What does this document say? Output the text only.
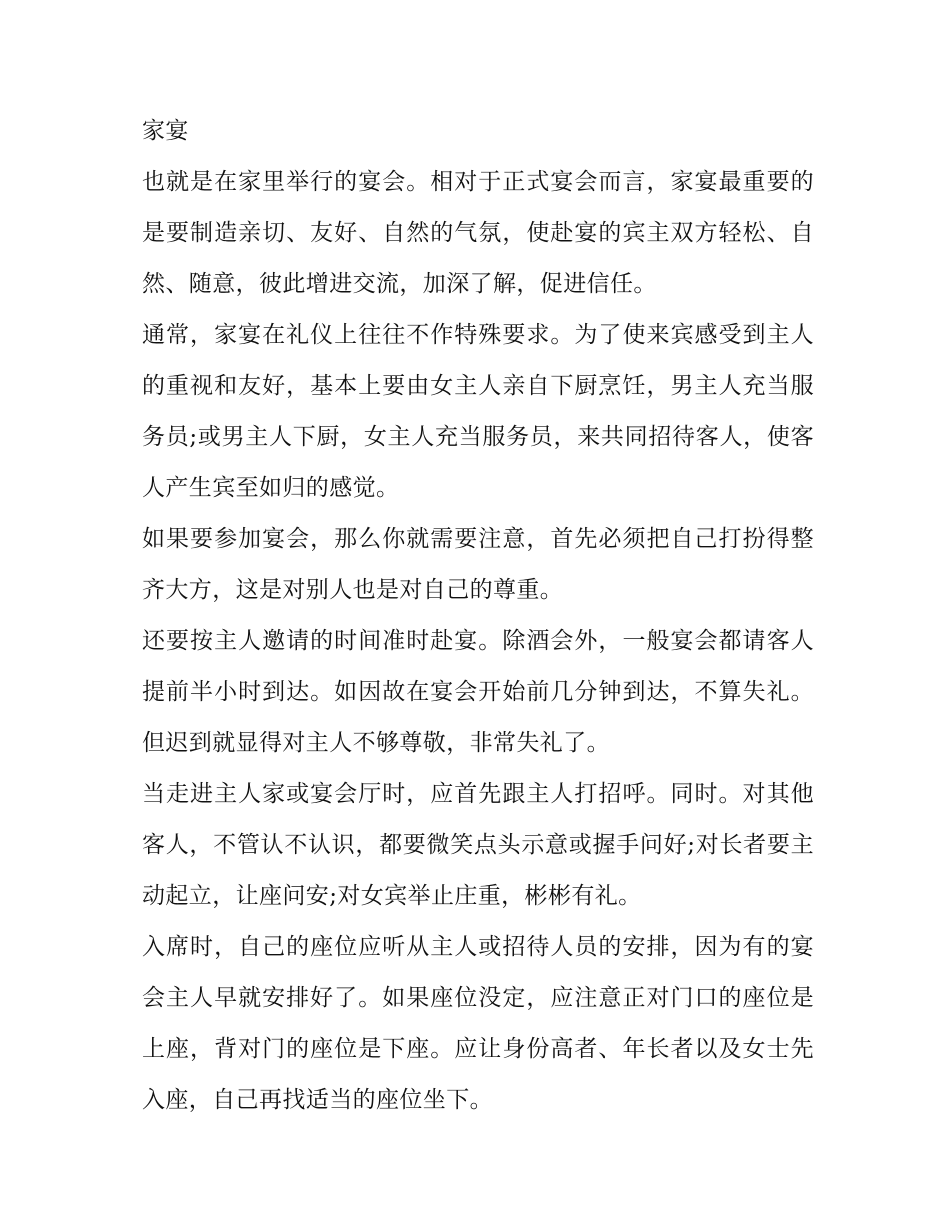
家宴

也就是在家里举行的宴会。相对于正式宴会而言，家宴最重要的是要制造亲切、友好、自然的气氛，使赴宴的宾主双方轻松、自然、随意，彼此增进交流，加深了解，促进信任。

通常，家宴在礼仪上往往不作特殊要求。为了使来宾感受到主人的重视和友好，基本上要由女主人亲自下厨烹饪，男主人充当服务员;或男主人下厨，女主人充当服务员，来共同招待客人，使客人产生宾至如归的感觉。

如果要参加宴会，那么你就需要注意，首先必须把自己打扮得整齐大方，这是对别人也是对自己的尊重。

还要按主人邀请的时间准时赴宴。除酒会外，一般宴会都请客人提前半小时到达。如因故在宴会开始前几分钟到达，不算失礼。但迟到就显得对主人不够尊敬，非常失礼了。

当走进主人家或宴会厅时，应首先跟主人打招呼。同时。对其他客人，不管认不认识，都要微笑点头示意或握手问好;对长者要主动起立，让座问安;对女宾举止庄重，彬彬有礼。

入席时，自己的座位应听从主人或招待人员的安排，因为有的宴会主人早就安排好了。如果座位没定，应注意正对门口的座位是上座，背对门的座位是下座。应让身份高者、年长者以及女士先入座，自己再找适当的座位坐下。
